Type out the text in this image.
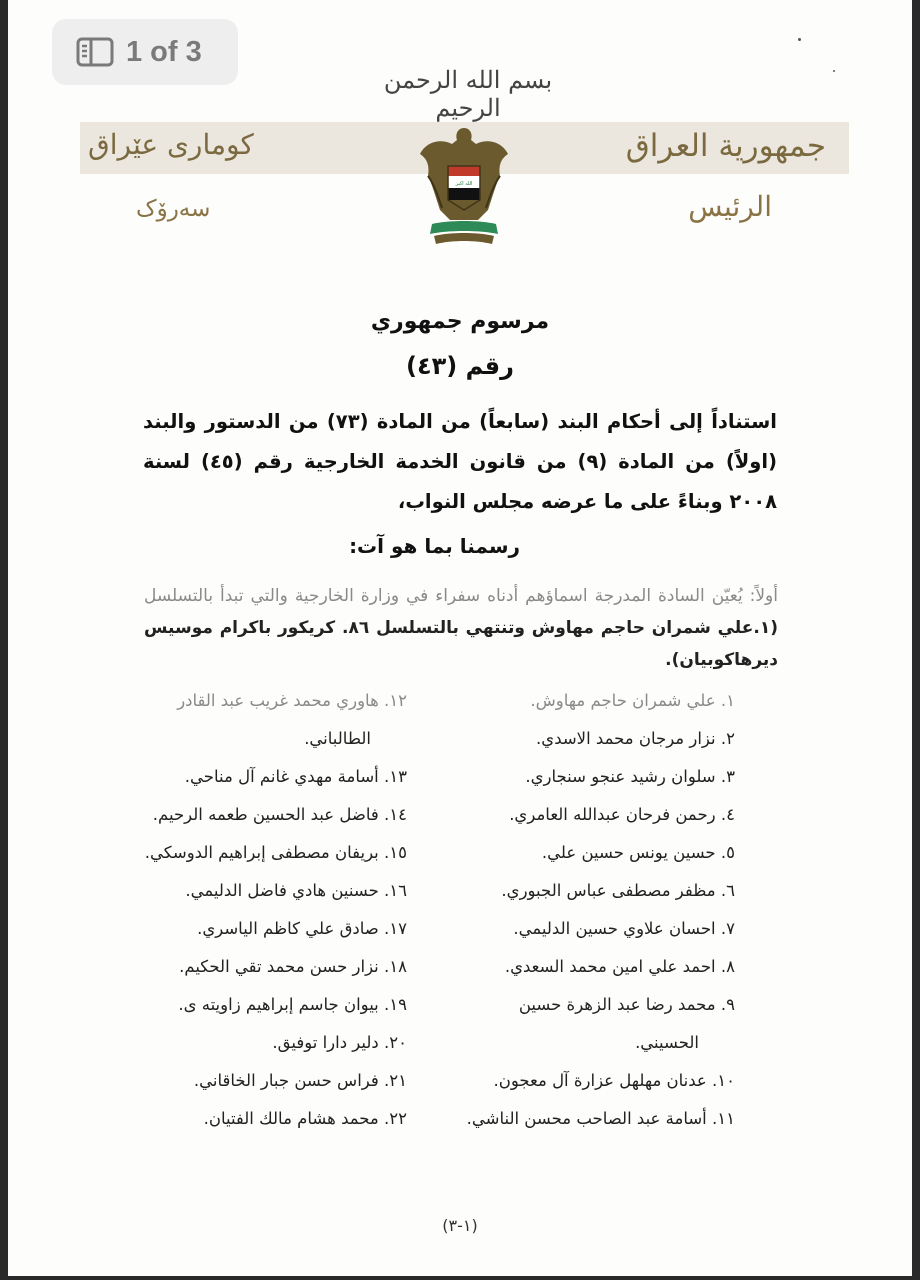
1 of 3
بسم الله الرحمن الرحيم
جمهورية العراق
كوماری عێراق
الرئيس
سەرۆک
الله اكبر
مرسوم جمهوري
رقم (٤٣)
استناداً إلى أحكام البند (سابعاً) من المادة (٧٣) من الدستور والبند (اولاً) من المادة (٩) من قانون الخدمة الخارجية رقم (٤٥) لسنة ٢٠٠٨ وبناءً على ما عرضه مجلس النواب،
رسمنا بما هو آت:
أولاً: يُعيّن السادة المدرجة اسماؤهم أدناه سفراء في وزارة الخارجية والتي تبدأ بالتسلسل (١.علي شمران حاجم مهاوش وتنتهي بالتسلسل ٨٦. كريكور باكرام موسيس ديرهاكوبيان).
١. علي شمران حاجم مهاوش.
٢. نزار مرجان محمد الاسدي.
٣. سلوان رشيد عنجو سنجاري.
٤. رحمن فرحان عبدالله العامري.
٥. حسين يونس حسين علي.
٦. مظفر مصطفى عباس الجبوري.
٧. احسان علاوي حسين الدليمي.
٨. احمد علي امين محمد السعدي.
٩. محمد رضا عبد الزهرة حسين
الحسيني.
١٠. عدنان مهلهل عزارة آل معجون.
١١. أسامة عبد الصاحب محسن الناشي.
١٢. هاوري محمد غريب عبد القادر
الطالباني.
١٣. أسامة مهدي غانم آل مناحي.
١٤. فاضل عبد الحسين طعمه الرحيم.
١٥. بريفان مصطفى إبراهيم الدوسكي.
١٦. حسنين هادي فاضل الدليمي.
١٧. صادق علي كاظم الياسري.
١٨. نزار حسن محمد تقي الحكيم.
١٩. بيوان جاسم إبراهيم زاويته ى.
٢٠. دلير دارا توفيق.
٢١. فراس حسن جبار الخاقاني.
٢٢. محمد هشام مالك الفتيان.
(١-٣)
